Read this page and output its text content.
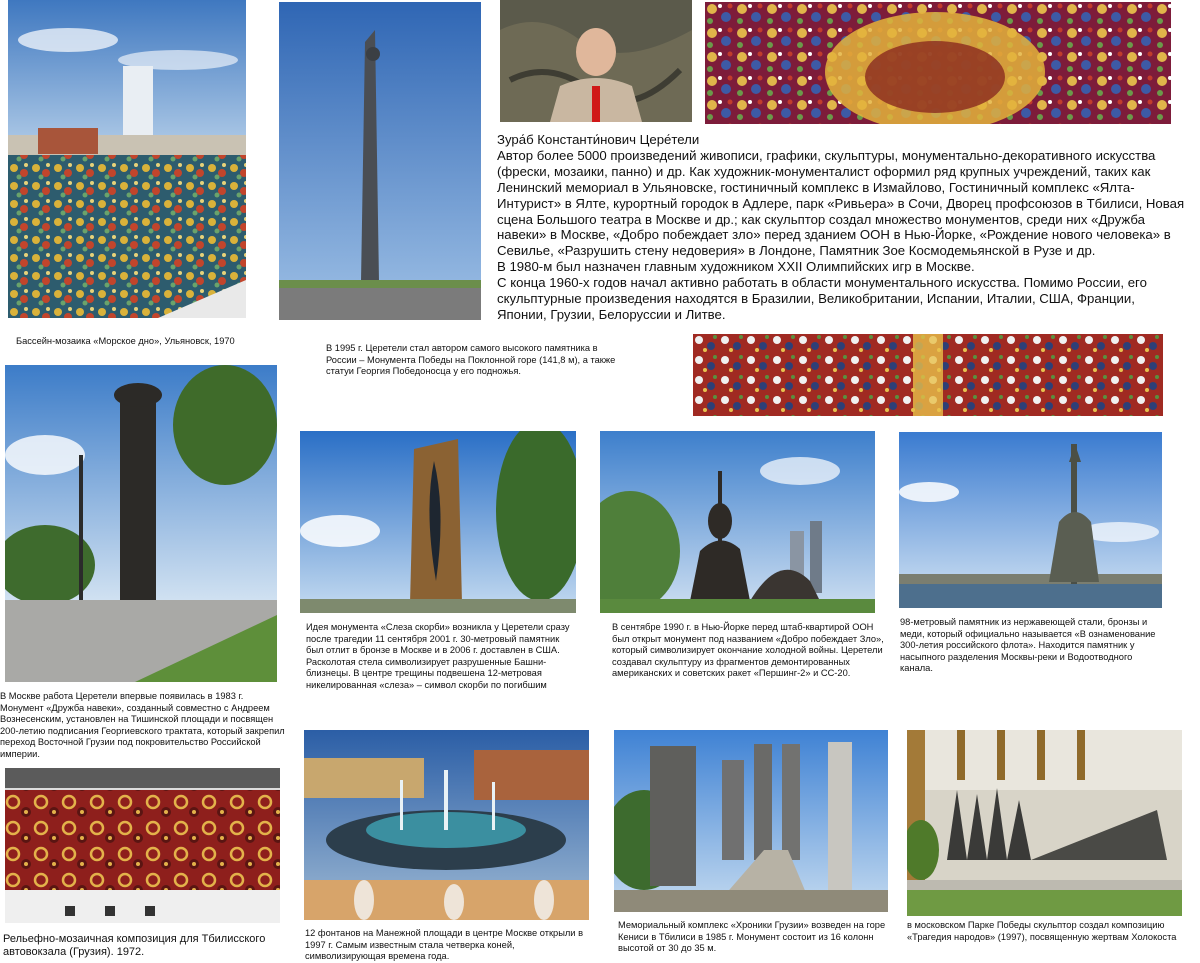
Бассейн-мозаика «Морское дно», Ульяновск, 1970

В 1995 г. Церетели стал автором самого высокого памятника в России – Монумента Победы на Поклонной горе (141,8 м), а также статуи Георгия Победоносца у его подножья.

Зура́б Константи́нович Цере́тели

Автор более 5000 произведений живописи, графики, скульптуры, монументально-декоративного искусства (фрески, мозаики, панно) и др. Как художник-монументалист оформил ряд крупных учреждений, таких как Ленинский мемориал в Ульяновске, гостиничный комплекс в Измайлово, Гостиничный комплекс «Ялта-Интурист» в Ялте, курортный городок в Адлере, парк «Ривьера» в Сочи, Дворец профсоюзов в Тбилиси, Новая сцена Большого театра в Москве и др.; как скульптор создал множество монументов, среди них «Дружба навеки» в Москве, «Добро побеждает зло» перед зданием ООН в Нью-Йорке, «Рождение нового человека» в Севилье, «Разрушить стену недоверия» в Лондоне, Памятник Зое Космодемьянской в Рузе и др.

В 1980-м был назначен главным художником XXII Олимпийских игр в Москве.

С конца 1960-х годов начал активно работать в области монументального искусства. Помимо России, его скульптурные произведения находятся в Бразилии, Великобритании, Испании, Италии, США, Франции, Японии, Грузии, Белоруссии и Литве.

В Москве работа Церетели впервые появилась в 1983 г. Монумент «Дружба навеки», созданный совместно с Андреем Вознесенским, установлен на Тишинской площади и посвящен 200-летию подписания Георгиевского трактата, который закрепил переход Восточной Грузии под покровительство Российской империи.

Идея монумента «Слеза скорби» возникла у Церетели сразу после трагедии 11 сентября 2001 г. 30-метровый памятник был отлит в бронзе в Москве и в 2006 г. доставлен в США. Расколотая стела символизирует разрушенные Башни-близнецы. В центре трещины подвешена 12-метровая никелированная «слеза» – символ скорби по погибшим

В сентябре 1990 г. в Нью-Йорке перед штаб-квартирой ООН был открыт монумент под названием «Добро побеждает Зло», который символизирует окончание холодной войны. Церетели создавал скульптуру из фрагментов демонтированных американских и советских ракет «Першинг-2» и СС-20.

98-метровый памятник из нержавеющей стали, бронзы и меди, который официально называется «В ознаменование 300-летия российского флота». Находится памятник у насыпного разделения Москвы-реки и Водоотводного канала.

Рельефно-мозаичная композиция для Тбилисского автовокзала (Грузия). 1972.

12 фонтанов на Манежной площади в центре Москве открыли в 1997 г. Самым известным стала четверка коней, символизирующая времена года.

Мемориальный комплекс «Хроники Грузии» возведен на горе Кениси в Тбилиси в 1985 г. Монумент состоит из 16 колонн высотой от 30 до 35 м.

в московском Парке Победы скульптор создал композицию «Трагедия народов» (1997), посвященную жертвам Холокоста
